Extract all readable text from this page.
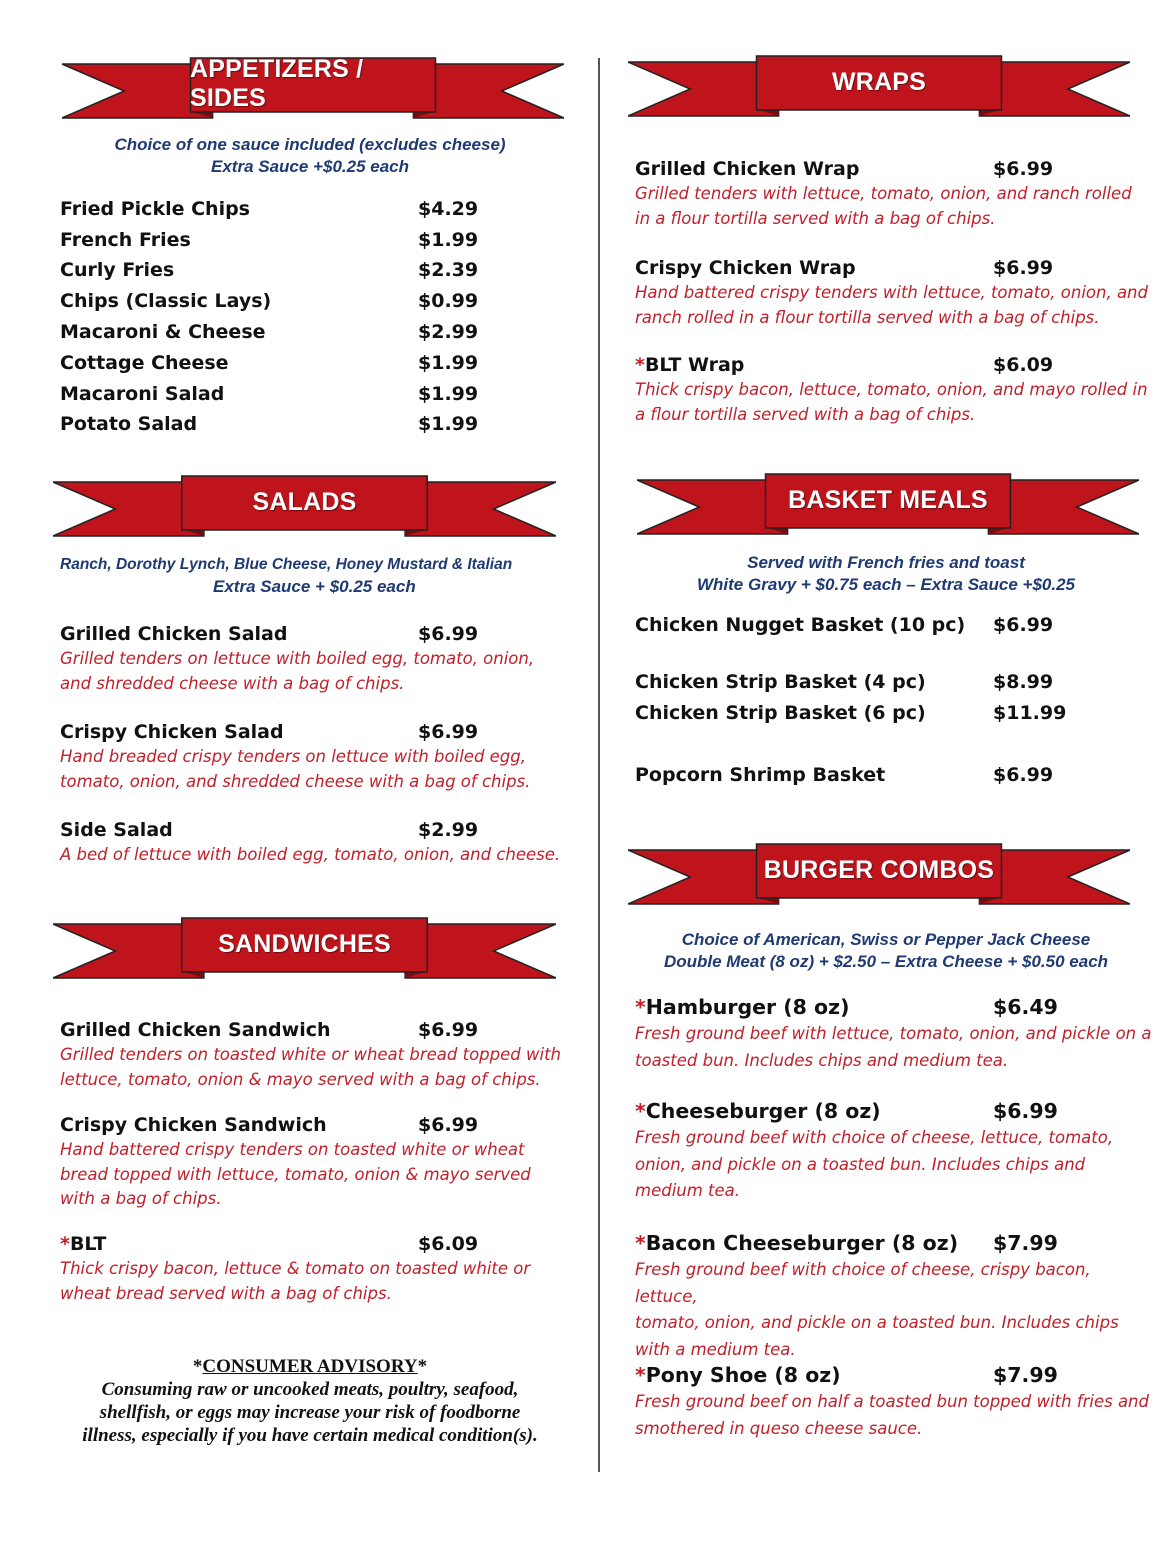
APPETIZERS / SIDES
Choice of one sauce included (excludes cheese)
Extra Sauce +$0.25 each
Fried Pickle Chips	$4.29
French Fries	$1.99
Curly Fries	$2.39
Chips (Classic Lays)	$0.99
Macaroni & Cheese	$2.99
Cottage Cheese	$1.99
Macaroni Salad	$1.99
Potato Salad	$1.99
SALADS
Ranch, Dorothy Lynch, Blue Cheese, Honey Mustard & Italian
Extra Sauce + $0.25 each
Grilled Chicken Salad	$6.99
Grilled tenders on lettuce with boiled egg, tomato, onion,
and shredded cheese with a bag of chips.
Crispy Chicken Salad	$6.99
Hand breaded crispy tenders on lettuce with boiled egg,
tomato, onion, and shredded cheese with a bag of chips.
Side Salad	$2.99
A bed of lettuce with boiled egg, tomato, onion, and cheese.
SANDWICHES
Grilled Chicken Sandwich	$6.99
Grilled tenders on toasted white or wheat bread topped with
lettuce, tomato, onion & mayo served with a bag of chips.
Crispy Chicken Sandwich	$6.99
Hand battered crispy tenders on toasted white or wheat
bread topped with lettuce, tomato, onion & mayo served
with a bag of chips.
*BLT	$6.09
Thick crispy bacon, lettuce & tomato on toasted white or
wheat bread served with a bag of chips.
*CONSUMER ADVISORY*
Consuming raw or uncooked meats, poultry, seafood,
shellfish, or eggs may increase your risk of foodborne
illness, especially if you have certain medical condition(s).
WRAPS
Grilled Chicken Wrap	$6.99
Grilled tenders with lettuce, tomato, onion, and ranch rolled
in a flour tortilla served with a bag of chips.
Crispy Chicken Wrap	$6.99
Hand battered crispy tenders with lettuce, tomato, onion, and
ranch rolled in a flour tortilla served with a bag of chips.
*BLT Wrap	$6.09
Thick crispy bacon, lettuce, tomato, onion, and mayo rolled in
a flour tortilla served with a bag of chips.
BASKET MEALS
Served with French fries and toast
White Gravy + $0.75 each – Extra Sauce +$0.25
Chicken Nugget Basket (10 pc) $6.99
Chicken Strip Basket (4 pc)	$8.99
Chicken Strip Basket (6 pc)	$11.99
Popcorn Shrimp Basket	$6.99
BURGER COMBOS
Choice of American, Swiss or Pepper Jack Cheese
Double Meat (8 oz) + $2.50 – Extra Cheese + $0.50 each
*Hamburger (8 oz)	$6.49
Fresh ground beef with lettuce, tomato, onion, and pickle on a
toasted bun. Includes chips and medium tea.
*Cheeseburger (8 oz)	$6.99
Fresh ground beef with choice of cheese, lettuce, tomato,
onion, and pickle on a toasted bun. Includes chips and
medium tea.
*Bacon Cheeseburger (8 oz) $7.99
Fresh ground beef with choice of cheese, crispy bacon, lettuce,
tomato, onion, and pickle on a toasted bun. Includes chips
with a medium tea.
*Pony Shoe (8 oz)	$7.99
Fresh ground beef on half a toasted bun topped with fries and
smothered in queso cheese sauce.
